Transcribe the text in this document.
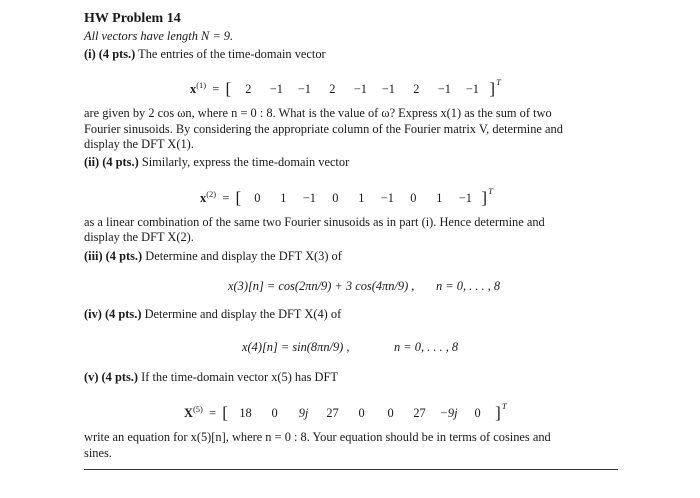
HW Problem 14
All vectors have length N = 9.
(i) (4 pts.) The entries of the time-domain vector
$x^{(1)}$  =  [ 2 −1 −1 2 −1 −1 2 −1 −1 ]$^T$
are given by 2 cos ωn, where n = 0 : 8. What is the value of ω? Express x(1) as the sum of two
Fourier sinusoids. By considering the appropriate column of the Fourier matrix V, determine and
display the DFT X(1).
(ii) (4 pts.) Similarly, express the time-domain vector
$x^{(2)}$  =  [ 0 1 −1 0 1 −1 0 1 −1 ]$^T$
as a linear combination of the same two Fourier sinusoids as in part (i). Hence determine and
display the DFT X(2).
(iii) (4 pts.) Determine and display the DFT X(3) of
x(3)[n] = cos(2πn/9) + 3 cos(4πn/9) , n = 0, . . . , 8
(iv) (4 pts.) Determine and display the DFT X(4) of
x(4)[n] = sin(8πn/9) ,	n = 0, . . . , 8
(v) (4 pts.) If the time-domain vector x(5) has DFT
$X^{(5)}$  =  [ 18 0 9j 27 0 0 27 −9j 0 ]$^T$
write an equation for x(5)[n], where n = 0 : 8. Your equation should be in terms of cosines and
sines.
